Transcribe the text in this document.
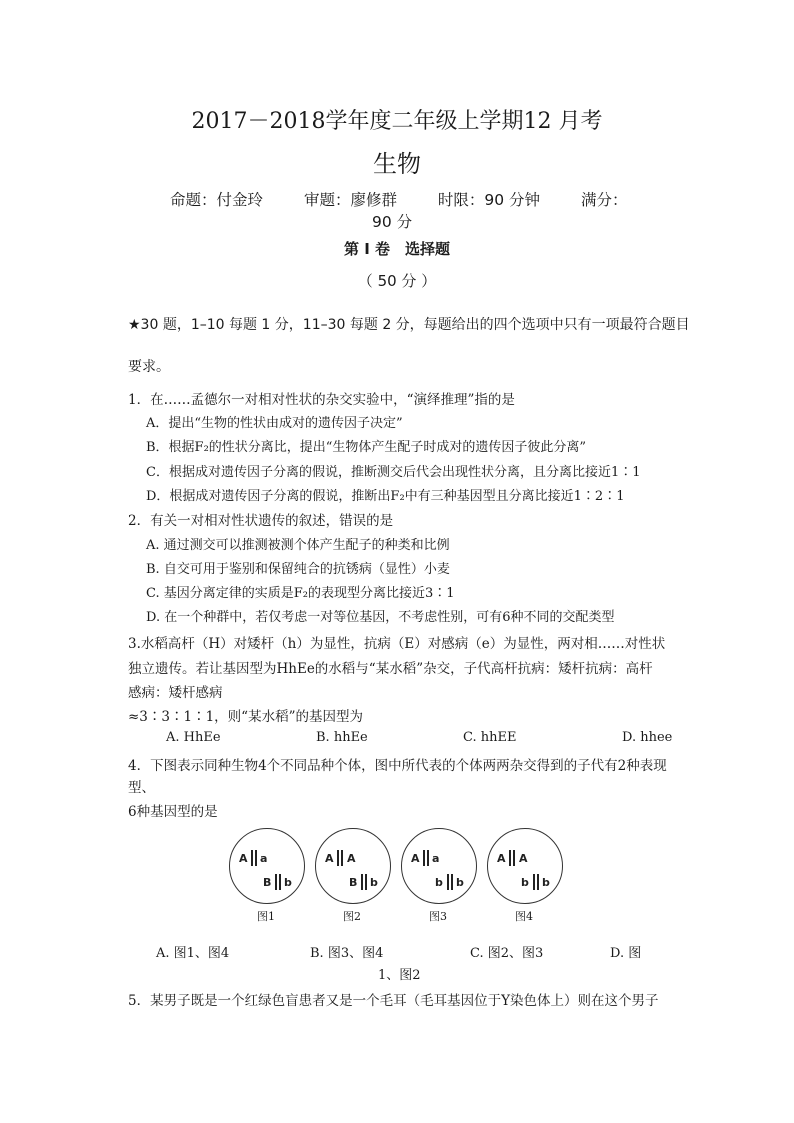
2017－2018学年度二年级上学期12 月考
生物
命题：付金玲	审题：廖修群	时限：90 分钟	满分：
90 分
第 I 卷　选择题
（ 50 分 ）
★30 题，1–10 每题 1 分，11–30 每题 2 分，每题给出的四个选项中只有一项最符合题目
要求。
1．在……孟德尔一对相对性状的杂交实验中，“演绎推理”指的是
A．提出“生物的性状由成对的遗传因子决定”
B．根据F₂的性状分离比，提出“生物体产生配子时成对的遗传因子彼此分离”
C．根据成对遗传因子分离的假说，推断测交后代会出现性状分离，且分离比接近1∶1
D．根据成对遗传因子分离的假说，推断出F₂中有三种基因型且分离比接近1∶2∶1
2．有关一对相对性状遗传的叙述，错误的是
A. 通过测交可以推测被测个体产生配子的种类和比例
B. 自交可用于鉴别和保留纯合的抗锈病（显性）小麦
C. 基因分离定律的实质是F₂的表现型分离比接近3∶1
D. 在一个种群中，若仅考虑一对等位基因，不考虑性别，可有6种不同的交配类型
3.水稻高杆（H）对矮杆（h）为显性，抗病（E）对感病（e）为显性，两对相……对性状
独立遗传。若让基因型为HhEe的水稻与“某水稻”杂交，子代高杆抗病：矮杆抗病：高杆
感病：矮杆感病
≈3∶3∶1∶1，则“某水稻”的基因型为
A. HhEe	B. hhEe	C. hhEE	D. hhee
4．下图表示同种生物4个不同品种个体，图中所代表的个体两两杂交得到的子代有2种表现
型、
6种基因型的是
A a
B b
图1
A A
B b
图2
A a
b b
图3
A A
b b
图4
A. 图1、图4	B. 图3、图4	C. 图2、图3	D. 图
1、图2
5．某男子既是一个红绿色盲患者又是一个毛耳（毛耳基因位于Y染色体上）则在这个男子
